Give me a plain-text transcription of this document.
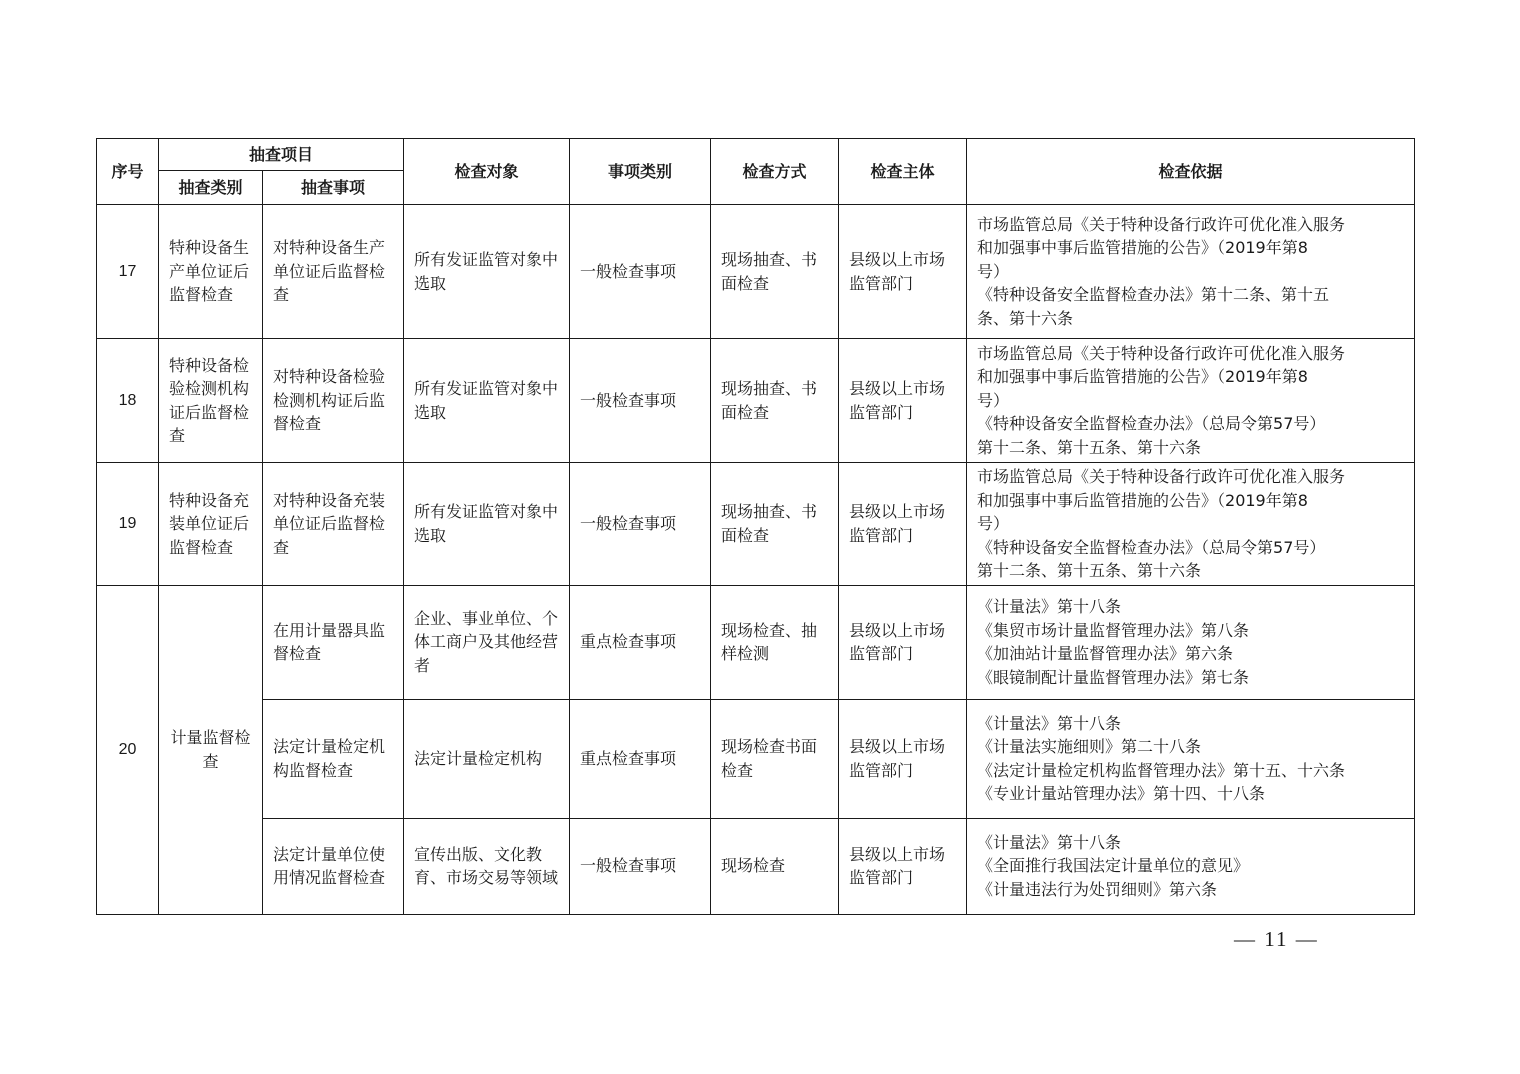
序号	抽查项目		检查对象	事项类别	检查方式	检查主体	检查依据
	抽查类别	抽查事项					
17	特种设备生产单位证后监督检查	对特种设备生产单位证后监督检查	所有发证监管对象中选取	一般检查事项	现场抽查、书面检查	县级以上市场监管部门	市场监管总局《关于特种设备行政许可优化准入服务
和加强事中事后监管措施的公告》（2019年第8
号）
《特种设备安全监督检查办法》第十二条、第十五
条、第十六条

18	特种设备检验检测机构证后监督检查	对特种设备检验检测机构证后监督检查	所有发证监管对象中选取	一般检查事项	现场抽查、书面检查	县级以上市场监管部门	市场监管总局《关于特种设备行政许可优化准入服务
和加强事中事后监管措施的公告》（2019年第8
号）
《特种设备安全监督检查办法》（总局令第57号）
第十二条、第十五条、第十六条

19	特种设备充装单位证后监督检查	对特种设备充装单位证后监督检查	所有发证监管对象中选取	一般检查事项	现场抽查、书面检查	县级以上市场监管部门	市场监管总局《关于特种设备行政许可优化准入服务
和加强事中事后监管措施的公告》（2019年第8
号）
《特种设备安全监督检查办法》（总局令第57号）
第十二条、第十五条、第十六条

20	计量监督检查	在用计量器具监督检查	企业、事业单位、个体工商户及其他经营者	重点检查事项	现场检查、抽样检测	县级以上市场监管部门	《计量法》第十八条
《集贸市场计量监督管理办法》第八条
《加油站计量监督管理办法》第六条
《眼镜制配计量监督管理办法》第七条

		法定计量检定机构监督检查	法定计量检定机构	重点检查事项	现场检查书面检查	县级以上市场监管部门	《计量法》第十八条
《计量法实施细则》第二十八条
《法定计量检定机构监督管理办法》第十五、十六条
《专业计量站管理办法》第十四、十八条

		法定计量单位使用情况监督检查	宣传出版、文化教育、市场交易等领域	一般检查事项	现场检查	县级以上市场监管部门	《计量法》第十八条
《全面推行我国法定计量单位的意见》
《计量违法行为处罚细则》第六条
— 11 —
